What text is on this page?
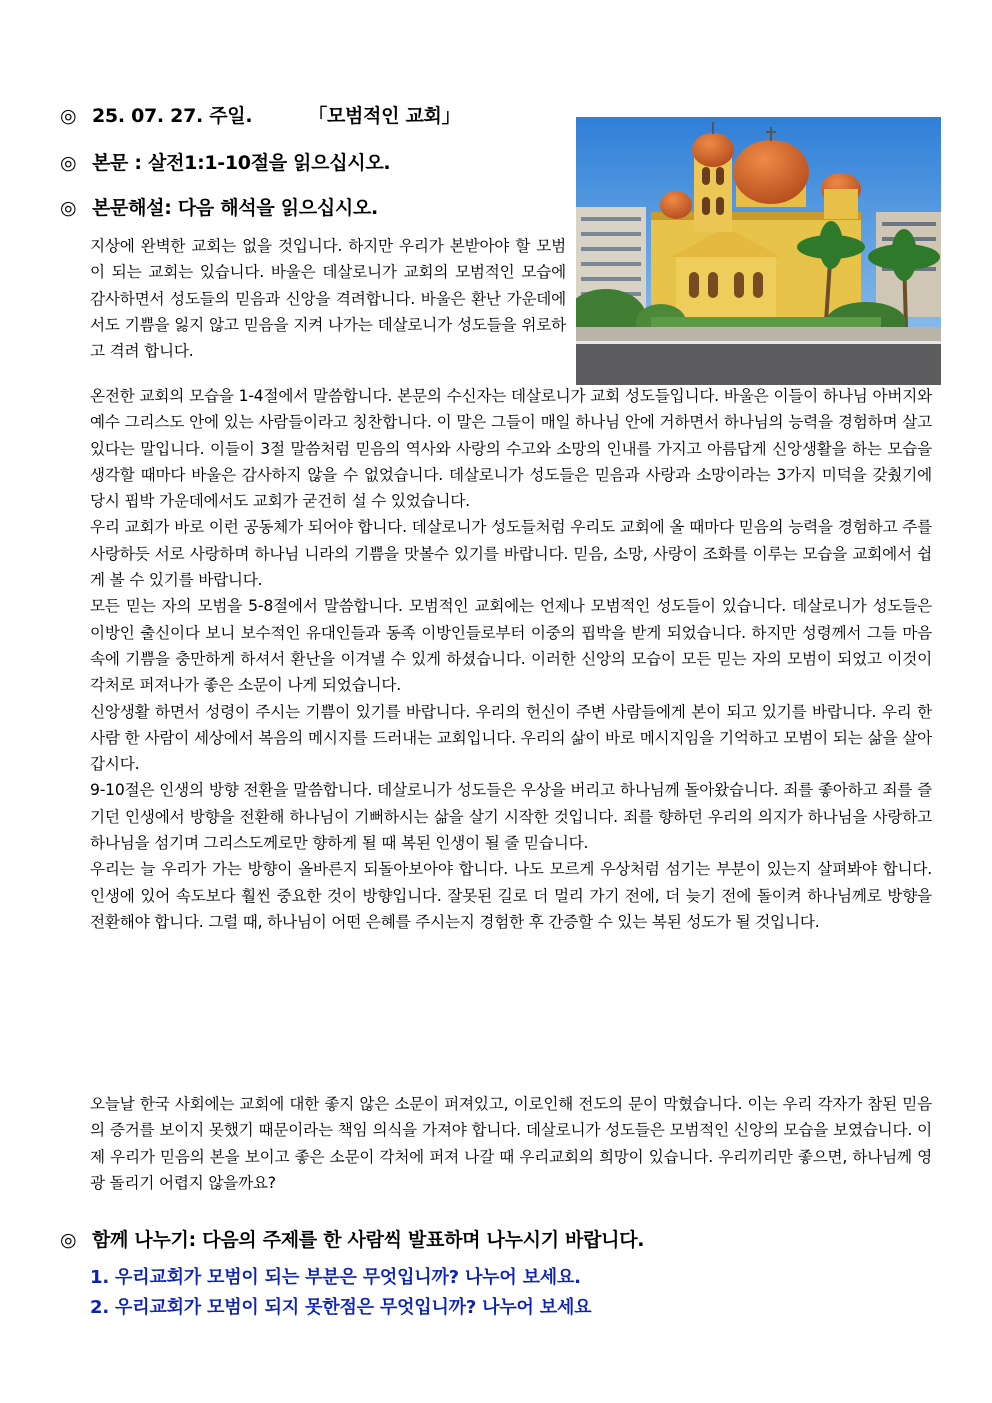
◎ 25. 07. 27. 주일.	「모범적인 교회」
◎ 본문 : 살전1:1-10절을 읽으십시오.
◎ 본문해설: 다음 해석을 읽으십시오.

지상에 완벽한 교회는 없을 것입니다. 하지만 우리가 본받아야 할 모범이 되는 교회는 있습니다. 바울은 데살로니가 교회의 모범적인 모습에 감사하면서 성도들의 믿음과 신앙을 격려합니다. 바울은 환난 가운데에서도 기쁨을 잃지 않고 믿음을 지켜 나가는 데살로니가 성도들을 위로하고 격려 합니다.

온전한 교회의 모습을 1-4절에서 말씀합니다. 본문의 수신자는 데살로니가 교회 성도들입니다. 바울은 이들이 하나님 아버지와 예수 그리스도 안에 있는 사람들이라고 칭찬합니다. 이 말은 그들이 매일 하나님 안에 거하면서 하나님의 능력을 경험하며 살고 있다는 말입니다. 이들이 3절 말씀처럼 믿음의 역사와 사랑의 수고와 소망의 인내를 가지고 아름답게 신앙생활을 하는 모습을 생각할 때마다 바울은 감사하지 않을 수 없었습니다. 데살로니가 성도들은 믿음과 사랑과 소망이라는 3가지 미덕을 갖췄기에 당시 핍박 가운데에서도 교회가 굳건히 설 수 있었습니다.

우리 교회가 바로 이런 공동체가 되어야 합니다. 데살로니가 성도들처럼 우리도 교회에 올 때마다 믿음의 능력을 경험하고 주를 사랑하듯 서로 사랑하며 하나님 니라의 기쁨을 맛볼수 있기를 바랍니다. 믿음, 소망, 사랑이 조화를 이루는 모습을 교회에서 쉽게 볼 수 있기를 바랍니다.

모든 믿는 자의 모범을 5-8절에서 말씀합니다. 모범적인 교회에는 언제나 모범적인 성도들이 있습니다. 데살로니가 성도들은 이방인 출신이다 보니 보수적인 유대인들과 동족 이방인들로부터 이중의 핍박을 받게 되었습니다. 하지만 성령께서 그들 마음속에 기쁨을 충만하게 하셔서 환난을 이겨낼 수 있게 하셨습니다. 이러한 신앙의 모습이 모든 믿는 자의 모범이 되었고 이것이 각처로 퍼져나가 좋은 소문이 나게 되었습니다.

신앙생활 하면서 성령이 주시는 기쁨이 있기를 바랍니다. 우리의 헌신이 주변 사람들에게 본이 되고 있기를 바랍니다. 우리 한 사람 한 사람이 세상에서 복음의 메시지를 드러내는 교회입니다. 우리의 삶이 바로 메시지임을 기억하고 모범이 되는 삶을 살아갑시다.

9-10절은 인생의 방향 전환을 말씀합니다. 데살로니가 성도들은 우상을 버리고 하나님께 돌아왔습니다. 죄를 좋아하고 죄를 즐기던 인생에서 방향을 전환해 하나님이 기뻐하시는 삶을 살기 시작한 것입니다. 죄를 향하던 우리의 의지가 하나님을 사랑하고 하나님을 섬기며 그리스도께로만 향하게 될 때 복된 인생이 될 줄 믿습니다.

우리는 늘 우리가 가는 방향이 올바른지 되돌아보아야 합니다. 나도 모르게 우상처럼 섬기는 부분이 있는지 살펴봐야 합니다. 인생에 있어 속도보다 훨씬 중요한 것이 방향입니다. 잘못된 길로 더 멀리 가기 전에, 더 늦기 전에 돌이켜 하나님께로 방향을 전환해야 합니다. 그럴 때, 하나님이 어떤 은혜를 주시는지 경험한 후 간증할 수 있는 복된 성도가 될 것입니다.

오늘날 한국 사회에는 교회에 대한 좋지 않은 소문이 퍼져있고, 이로인해 전도의 문이 막혔습니다. 이는 우리 각자가 참된 믿음의 증거를 보이지 못했기 때문이라는 책임 의식을 가져야 합니다. 데살로니가 성도들은 모범적인 신앙의 모습을 보였습니다. 이제 우리가 믿음의 본을 보이고 좋은 소문이 각처에 퍼져 나갈 때 우리교회의 희망이 있습니다. 우리끼리만 좋으면, 하나님께 영광 돌리기 어렵지 않을까요?

◎ 함께 나누기: 다음의 주제를 한 사람씩 발표하며 나누시기 바랍니다.
1. 우리교회가 모범이 되는 부분은 무엇입니까? 나누어 보세요.
2. 우리교회가 모범이 되지 못한점은 무엇입니까? 나누어 보세요
